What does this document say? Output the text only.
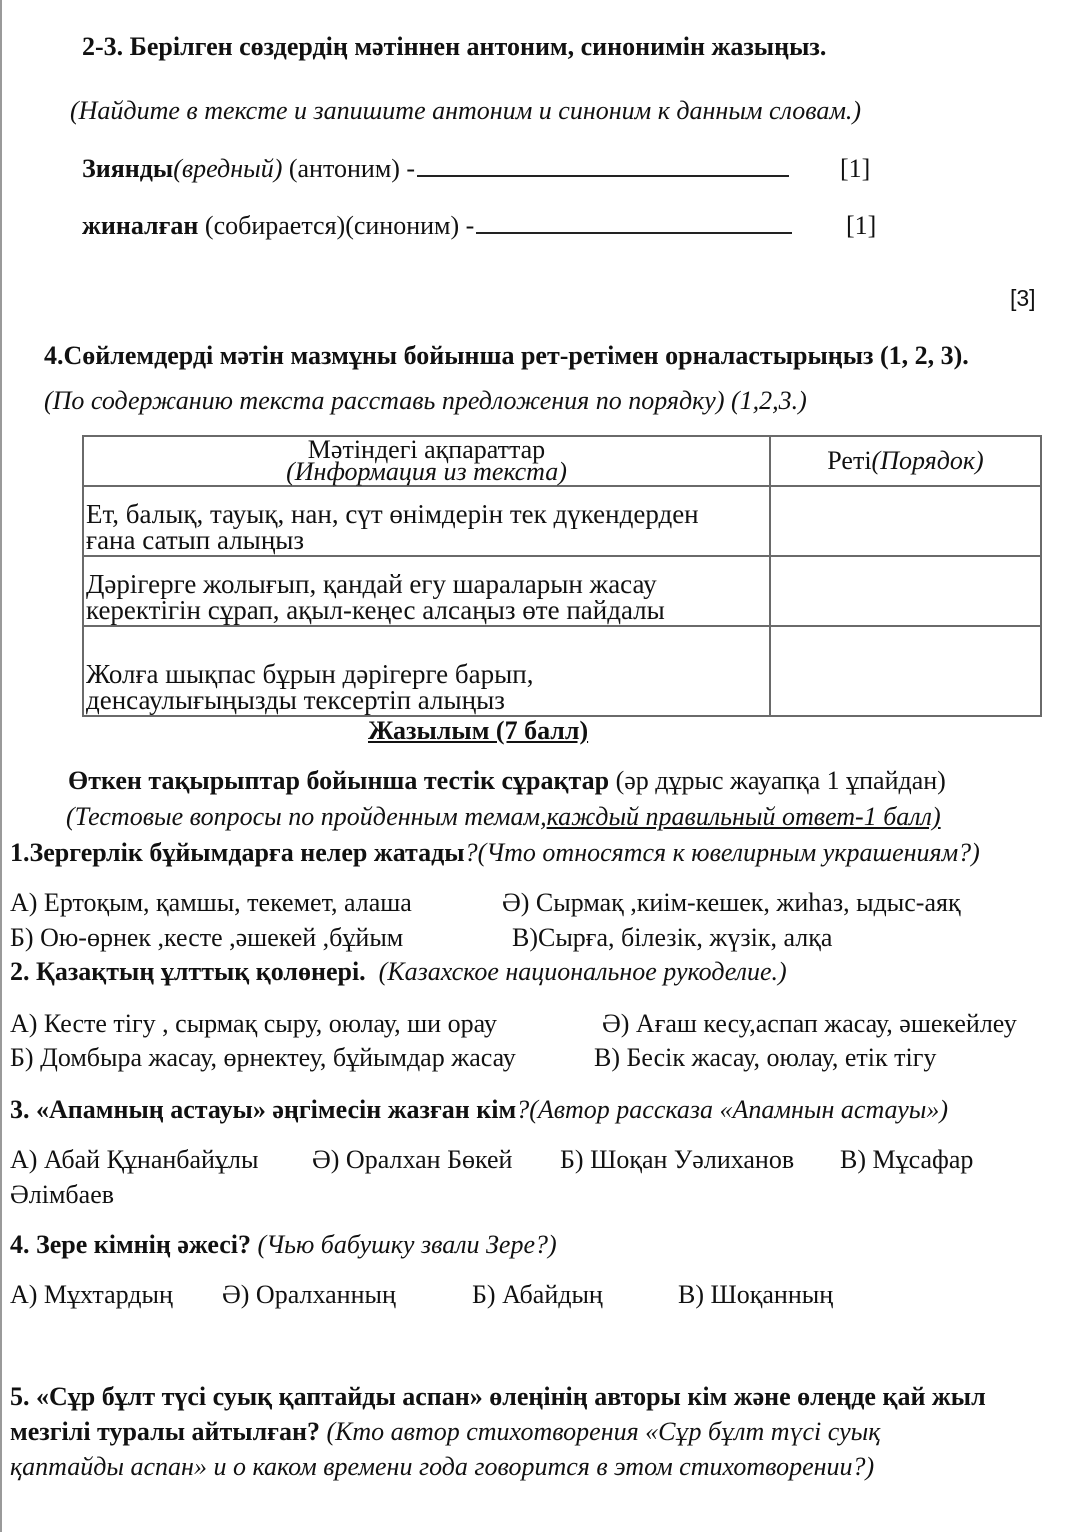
2-3. Берілген сөздердің мәтіннен антоним, синонимін жазыңыз.
(Найдите в тексте и запишите антоним и синоним к данным словам.)
Зиянды(вредный) (антоним) -	[1]
жиналған (собирается)(синоним) -	[1]
[3]
4.Сөйлемдерді мәтін мазмұны бойынша рет-ретімен орналастырыңыз (1, 2, 3).
(По содержанию текста расставь предложения по порядку) (1,2,3.)
Мәтіндегі ақпараттар
(Информация из текста)	Реті(Порядок)

Ет, балық, тауық, нан, сүт өнімдерін тек дүкендерден
ғана сатып алыңыз	

Дәрігерге жолығып, қандай егу шараларын жасау
керектігін сұрап, ақыл-кеңес алсаңыз өте пайдалы	

Жолға шықпас бұрын дәрігерге барып,
денсаулығыңызды тексертіп алыңыз	

Жазылым (7 балл)
Өткен тақырыптар бойынша тестік сұрақтар (әр дұрыс жауапқа 1 ұпайдан)
(Тестовые вопросы по пройденным темам,каждый правильный ответ-1 балл)
1.Зергерлік бұйымдарға нелер жатады?(Что относятся к ювелирным украшениям?)
А) Ертоқым, қамшы, текемет, алаша	Ә) Сырмақ ,киім-кешек, жиһаз, ыдыс-аяқ
Б) Ою-өрнек ,кесте ,әшекей ,бұйым	В)Сырға, білезік, жүзік, алқа
2. Қазақтың ұлттық қолөнері. (Казахское национальное рукоделие.)
А) Кесте тігу , сырмақ сыру, оюлау, ши орау	Ә) Ағаш кесу,аспап жасау, әшекейлеу
Б) Домбыра жасау, өрнектеу, бұйымдар жасау	В) Бесік жасау, оюлау, етік тігу
3. «Апамның астауы» әңгімесін жазған кім?(Автор рассказа «Апамнын астауы»)
А) Абай Құнанбайұлы Ә) Оралхан Бөкей Б) Шоқан Уәлиханов В) Мұсафар
Әлімбаев
4. Зере кімнің әжесі? (Чью бабушку звали Зере?)
А) Мұхтардың Ә) Оралханның	Б) Абайдың	В) Шоқанның
5. «Сұр бұлт түсі суық қаптайды аспан» өлеңінің авторы кім және өлеңде қай жыл
мезгілі туралы айтылған? (Кто автор стихотворения «Сұр бұлт түсі суық
қаптайды аспан» и о каком времени года говорится в этом стихотворении?)
